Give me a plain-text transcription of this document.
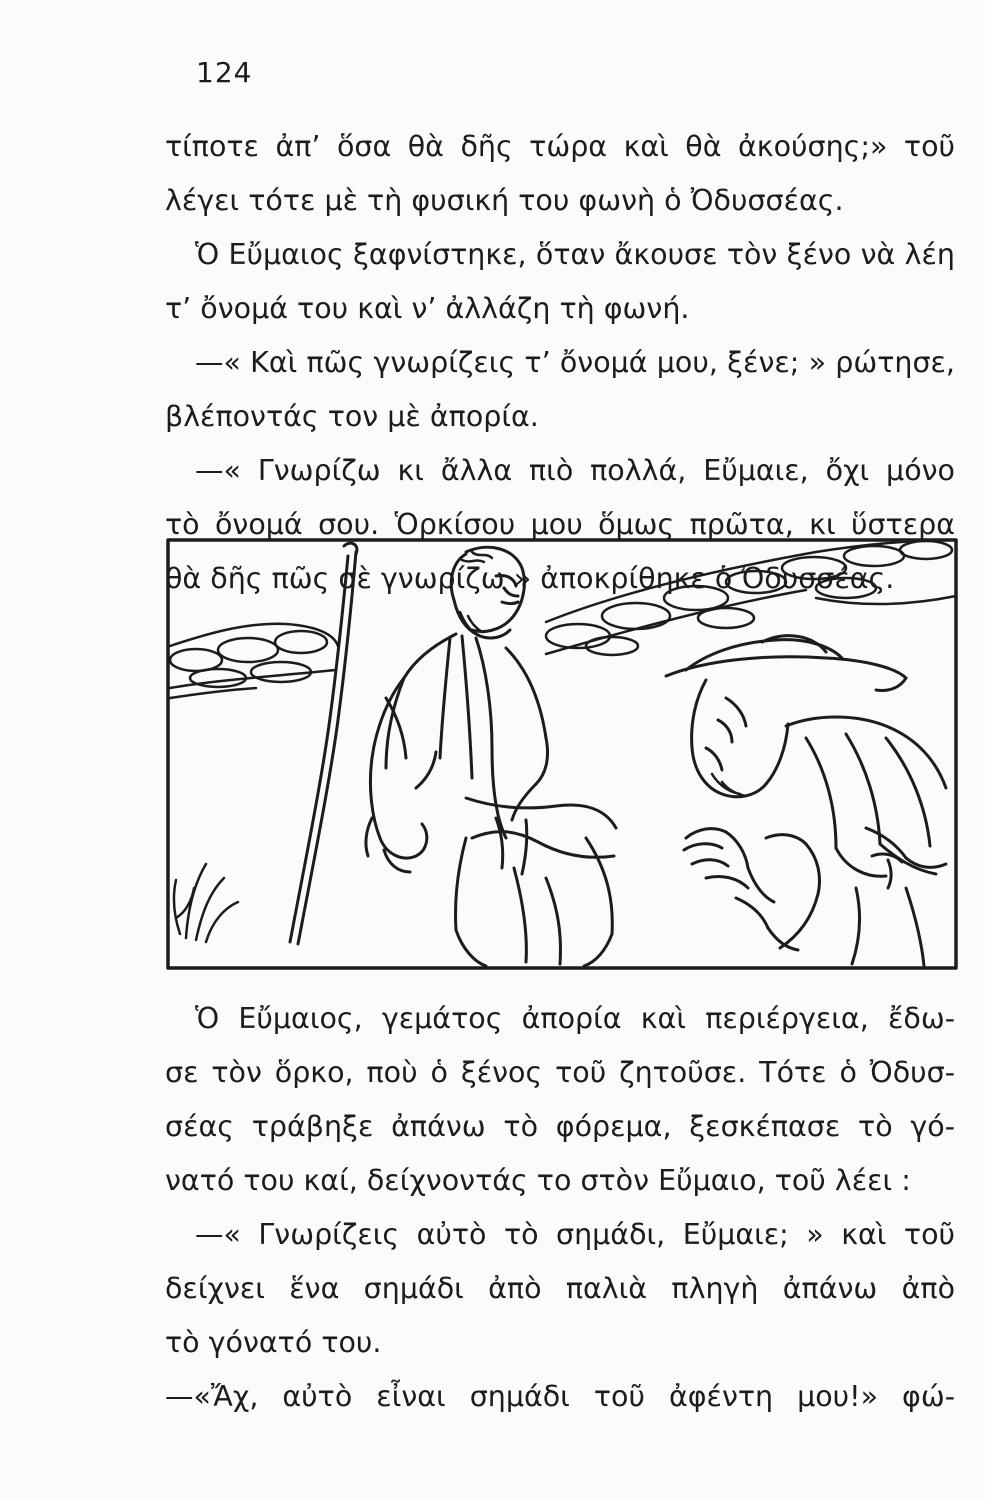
124
τίποτε ἀπ’ ὅσα θὰ δῆς τώρα καὶ θὰ ἀκούσης;» τοῦ
λέγει τότε μὲ τὴ φυσική του φωνὴ ὁ Ὀδυσσέας.
Ὁ Εὔμαιος ξαφνίστηκε, ὅταν ἄκουσε τὸν ξένο νὰ λέη
τ’ ὄνομά του καὶ ν’ ἀλλάζη τὴ φωνή.
—« Καὶ πῶς γνωρίζεις τ’ ὄνομά μου, ξένε; » ρώτησε,
βλέποντάς τον μὲ ἀπορία.
—« Γνωρίζω κι ἄλλα πιὸ πολλά, Εὔμαιε, ὄχι μόνο
τὸ ὄνομά σου. Ὁρκίσου μου ὅμως πρῶτα, κι ὕστερα
θὰ δῆς πῶς σὲ γνωρίζω » ἀποκρίθηκε ὁ Ὀδυσσέας.
Ὁ Εὔμαιος, γεμάτος ἀπορία καὶ περιέργεια, ἔδω-
σε τὸν ὅρκο, ποὺ ὁ ξένος τοῦ ζητοῦσε. Τότε ὁ Ὀδυσ-
σέας τράβηξε ἀπάνω τὸ φόρεμα, ξεσκέπασε τὸ γό-
νατό του καί, δείχνοντάς το στὸν Εὔμαιο, τοῦ λέει :
—« Γνωρίζεις αὐτὸ τὸ σημάδι, Εὔμαιε; » καὶ τοῦ
δείχνει ἕνα σημάδι ἀπὸ παλιὰ πληγὴ ἀπάνω ἀπὸ
τὸ γόνατό του.
—«Ἄχ, αὐτὸ εἶναι σημάδι τοῦ ἀφέντη μου!» φώ-
